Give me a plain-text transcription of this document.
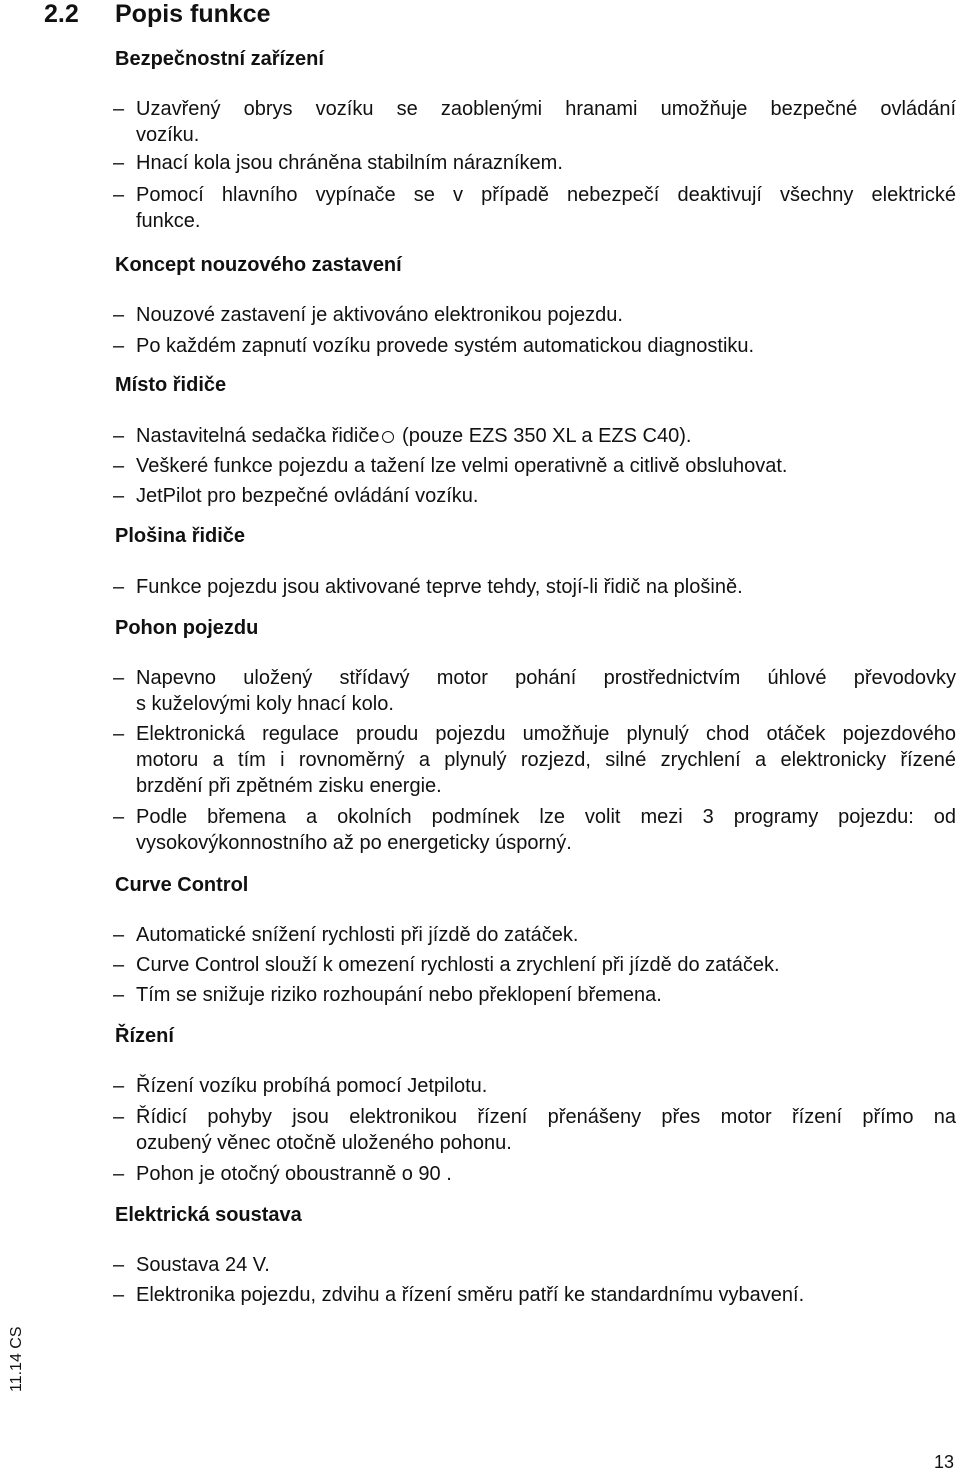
2.2 Popis funkce
Bezpečnostní zařízení
– Uzavřený obrys vozíku se zaoblenými hranami umožňuje bezpečné ovládání
vozíku.
– Hnací kola jsou chráněna stabilním nárazníkem.
– Pomocí hlavního vypínače se v případě nebezpečí deaktivují všechny elektrické
funkce.
Koncept nouzového zastavení
– Nouzové zastavení je aktivováno elektronikou pojezdu.
– Po každém zapnutí vozíku provede systém automatickou diagnostiku.
Místo řidiče
– Nastavitelná sedačka řidiče (pouze EZS 350 XL a EZS C40).
– Veškeré funkce pojezdu a tažení lze velmi operativně a citlivě obsluhovat.
– JetPilot pro bezpečné ovládání vozíku.
Plošina řidiče
– Funkce pojezdu jsou aktivované teprve tehdy, stojí-li řidič na plošině.
Pohon pojezdu
– Napevno uložený střídavý motor pohání prostřednictvím úhlové převodovky
s kuželovými koly hnací kolo.
– Elektronická regulace proudu pojezdu umožňuje plynulý chod otáček pojezdového
motoru a tím i rovnoměrný a plynulý rozjezd, silné zrychlení a elektronicky řízené
brzdění při zpětném zisku energie.
– Podle břemena a okolních podmínek lze volit mezi 3 programy pojezdu: od
vysokovýkonnostního až po energeticky úsporný.
Curve Control
– Automatické snížení rychlosti při jízdě do zatáček.
– Curve Control slouží k omezení rychlosti a zrychlení při jízdě do zatáček.
– Tím se snižuje riziko rozhoupání nebo překlopení břemena.
Řízení
– Řízení vozíku probíhá pomocí Jetpilotu.
– Řídicí pohyby jsou elektronikou řízení přenášeny přes motor řízení přímo na
ozubený věnec otočně uloženého pohonu.
– Pohon je otočný oboustranně o 90 .
Elektrická soustava
– Soustava 24 V.
– Elektronika pojezdu, zdvihu a řízení směru patří ke standardnímu vybavení.
11.14 CS
13
